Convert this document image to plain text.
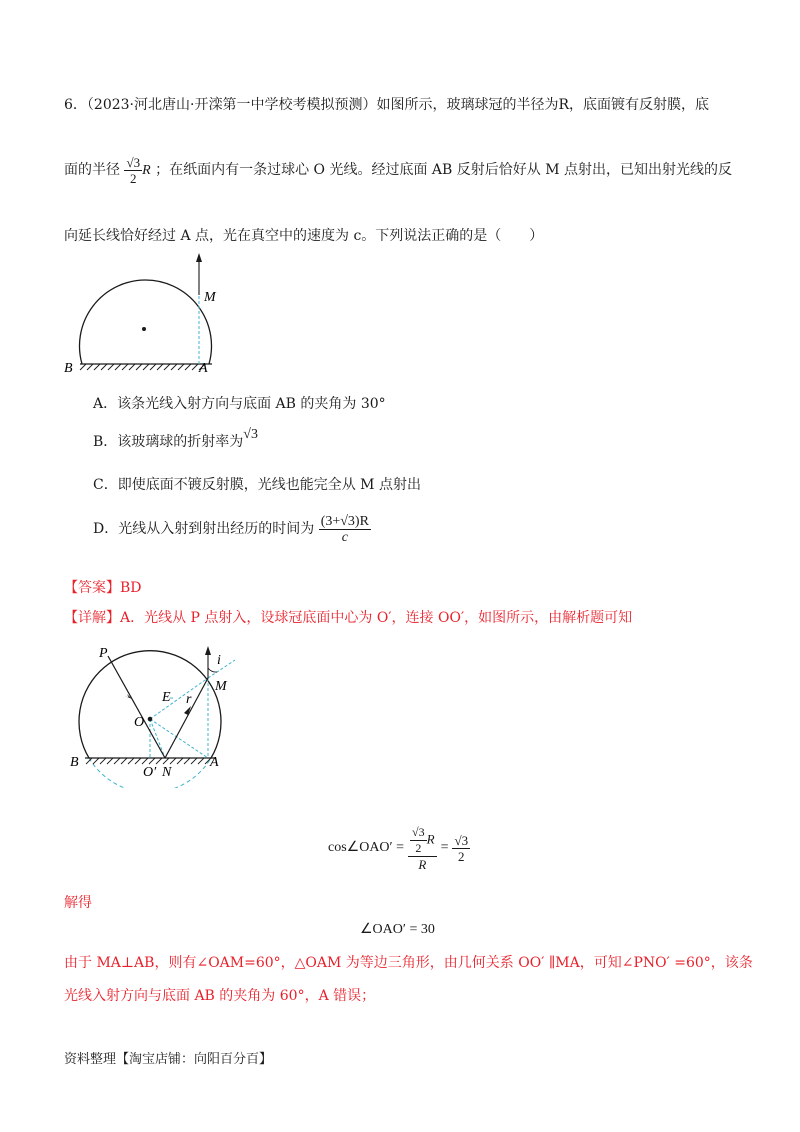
6．（2023·河北唐山·开滦第一中学校考模拟预测）如图所示，玻璃球冠的半径为R，底面镀有反射膜，底
面的半径 $\frac{√3}{2}$ R ；在纸面内有一条过球心 O 光线。经过底面 AB 反射后恰好从 M 点射出，已知出射光线的反
向延长线恰好经过 A 点，光在真空中的速度为 c。下列说法正确的是（　　）
B	A
M
A．该条光线入射方向与底面 AB 的夹角为 30°
B．该玻璃球的折射率为√3
C．即使底面不镀反射膜，光线也能完全从 M 点射出
D．光线从入射到射出经历的时间为 $\frac{(3+√3)R}{c}$
【答案】BD
【详解】A．光线从 P 点射入，设球冠底面中心为 O′，连接 OO′，如图所示，由解析题可知
P	i
E
M
r
O
B
O′ N
A
cos∠OAO′ = $\frac{\frac{√3}{2} R}{R} = \frac{√3}{2}$
解得
∠OAO′ = 30
由于 MA⊥AB，则有∠OAM=60°，△OAM 为等边三角形，由几何关系 OO′ ∥MA，可知∠PNO′ =60°，该条
光线入射方向与底面 AB 的夹角为 60°，A 错误；
资料整理【淘宝店铺：向阳百分百】
